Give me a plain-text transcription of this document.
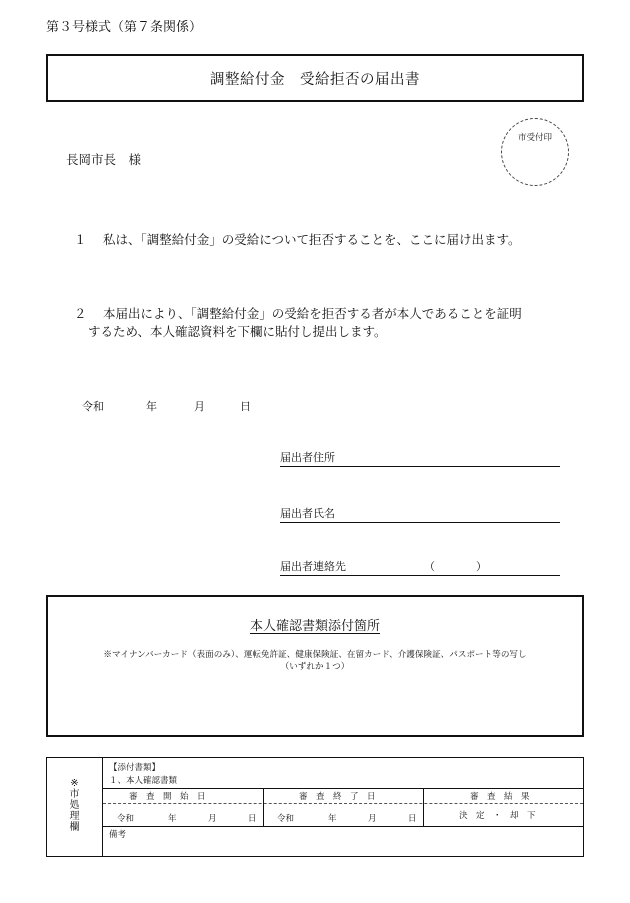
第３号様式（第７条関係）
調整給付金　受給拒否の届出書
市受付印
長岡市長　様
１　 私は、「調整給付金」の受給について拒否することを、ここに届け出ます。
２　 本届出により、「調整給付金」の受給を拒否する者が本人であることを証明
するため、本人確認資料を下欄に貼付し提出します。
令和	年	月	日
届出者住所
届出者氏名
届出者連絡先	（	）
本人確認書類添付箇所
※マイナンバーカード（表面のみ）、運転免許証、健康保険証、在留カード、介護保険証、パスポート等の写し
（いずれか１つ）
※
市
処
理
欄
【添付書類】
１、本人確認書類
審　査　開　始　日	審　査　終　了　日	審　査　結　果
令和	年	月	日 令和	年	月	日	決　定　・　却　下
備考
